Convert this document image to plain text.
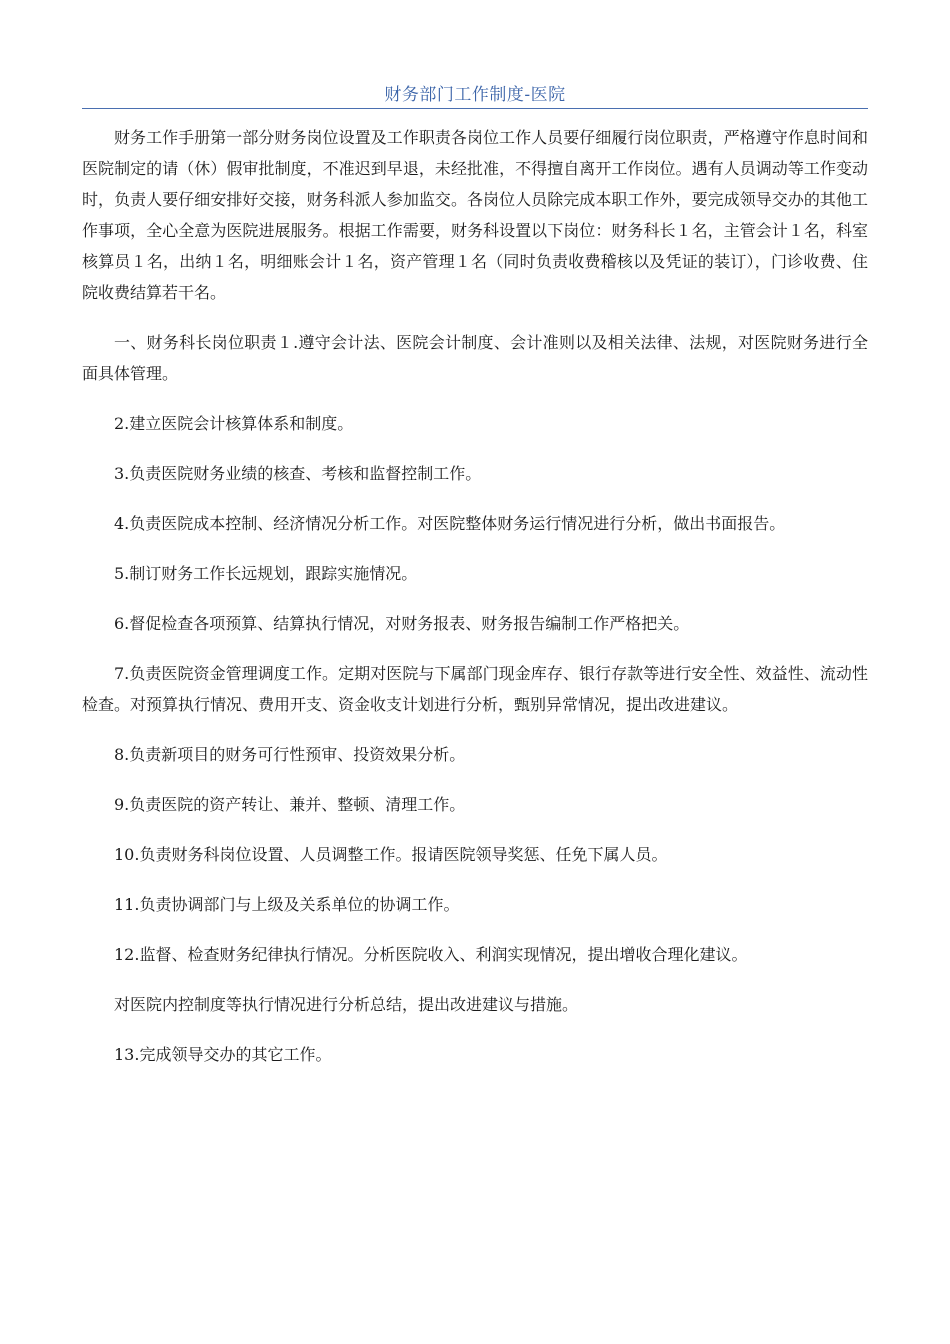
财务部门工作制度-医院

财务工作手册第一部分财务岗位设置及工作职责各岗位工作人员要仔细履行岗位职责，严格遵守作息时间和医院制定的请（休）假审批制度，不准迟到早退，未经批准，不得擅自离开工作岗位。遇有人员调动等工作变动时，负责人要仔细安排好交接，财务科派人参加监交。各岗位人员除完成本职工作外，要完成领导交办的其他工作事项，全心全意为医院进展服务。根据工作需要，财务科设置以下岗位：财务科长１名，主管会计１名，科室核算员１名，出纳１名，明细账会计１名，资产管理１名（同时负责收费稽核以及凭证的装订），门诊收费、住院收费结算若干名。

一、财务科长岗位职责１.遵守会计法、医院会计制度、会计准则以及相关法律、法规，对医院财务进行全面具体管理。

2.建立医院会计核算体系和制度。

3.负责医院财务业绩的核查、考核和监督控制工作。

4.负责医院成本控制、经济情况分析工作。对医院整体财务运行情况进行分析，做出书面报告。

5.制订财务工作长远规划，跟踪实施情况。

6.督促检查各项预算、结算执行情况，对财务报表、财务报告编制工作严格把关。

7.负责医院资金管理调度工作。定期对医院与下属部门现金库存、银行存款等进行安全性、效益性、流动性检查。对预算执行情况、费用开支、资金收支计划进行分析，甄别异常情况，提出改进建议。

8.负责新项目的财务可行性预审、投资效果分析。

9.负责医院的资产转让、兼并、整顿、清理工作。

10.负责财务科岗位设置、人员调整工作。报请医院领导奖惩、任免下属人员。

11.负责协调部门与上级及关系单位的协调工作。

12.监督、检查财务纪律执行情况。分析医院收入、利润实现情况，提出增收合理化建议。

对医院内控制度等执行情况进行分析总结，提出改进建议与措施。

13.完成领导交办的其它工作。
